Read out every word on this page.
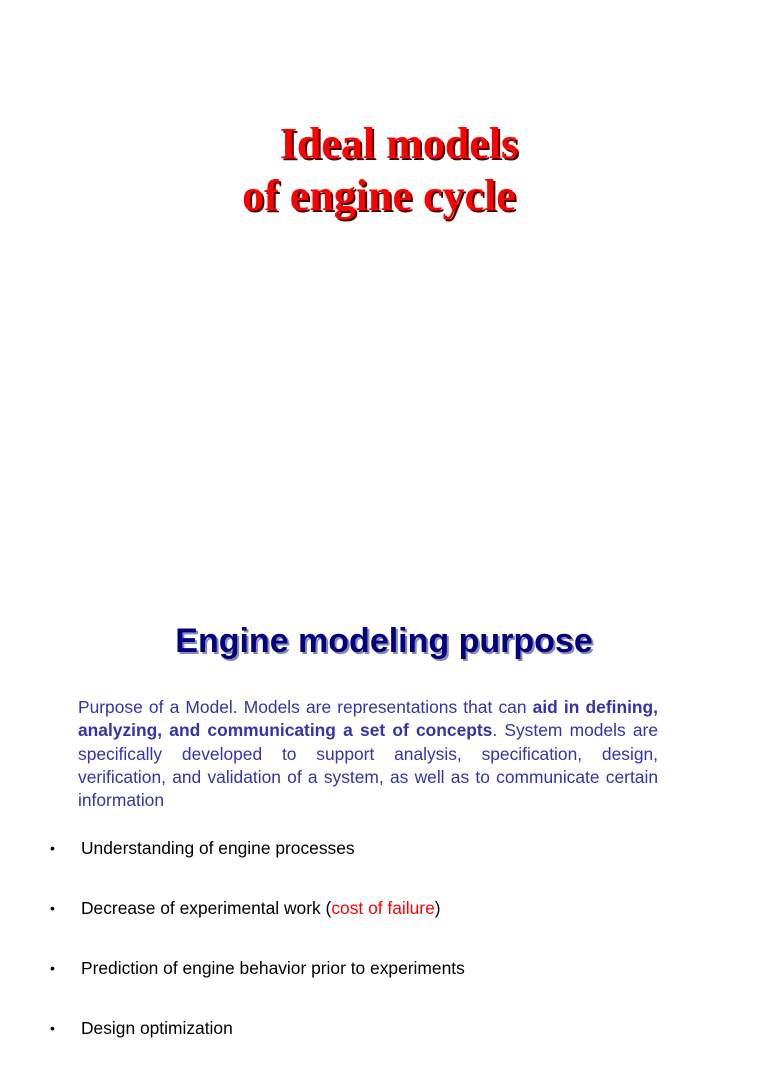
Ideal models
of engine cycle
Engine modeling purpose

Purpose of a Model. Models are representations that can aid in defining, analyzing, and communicating a set of concepts. System models are specifically developed to support analysis, specification, design, verification, and validation of a system, as well as to communicate certain information

• Understanding of engine processes
• Decrease of experimental work (cost of failure)
• Prediction of engine behavior prior to experiments
• Design optimization
